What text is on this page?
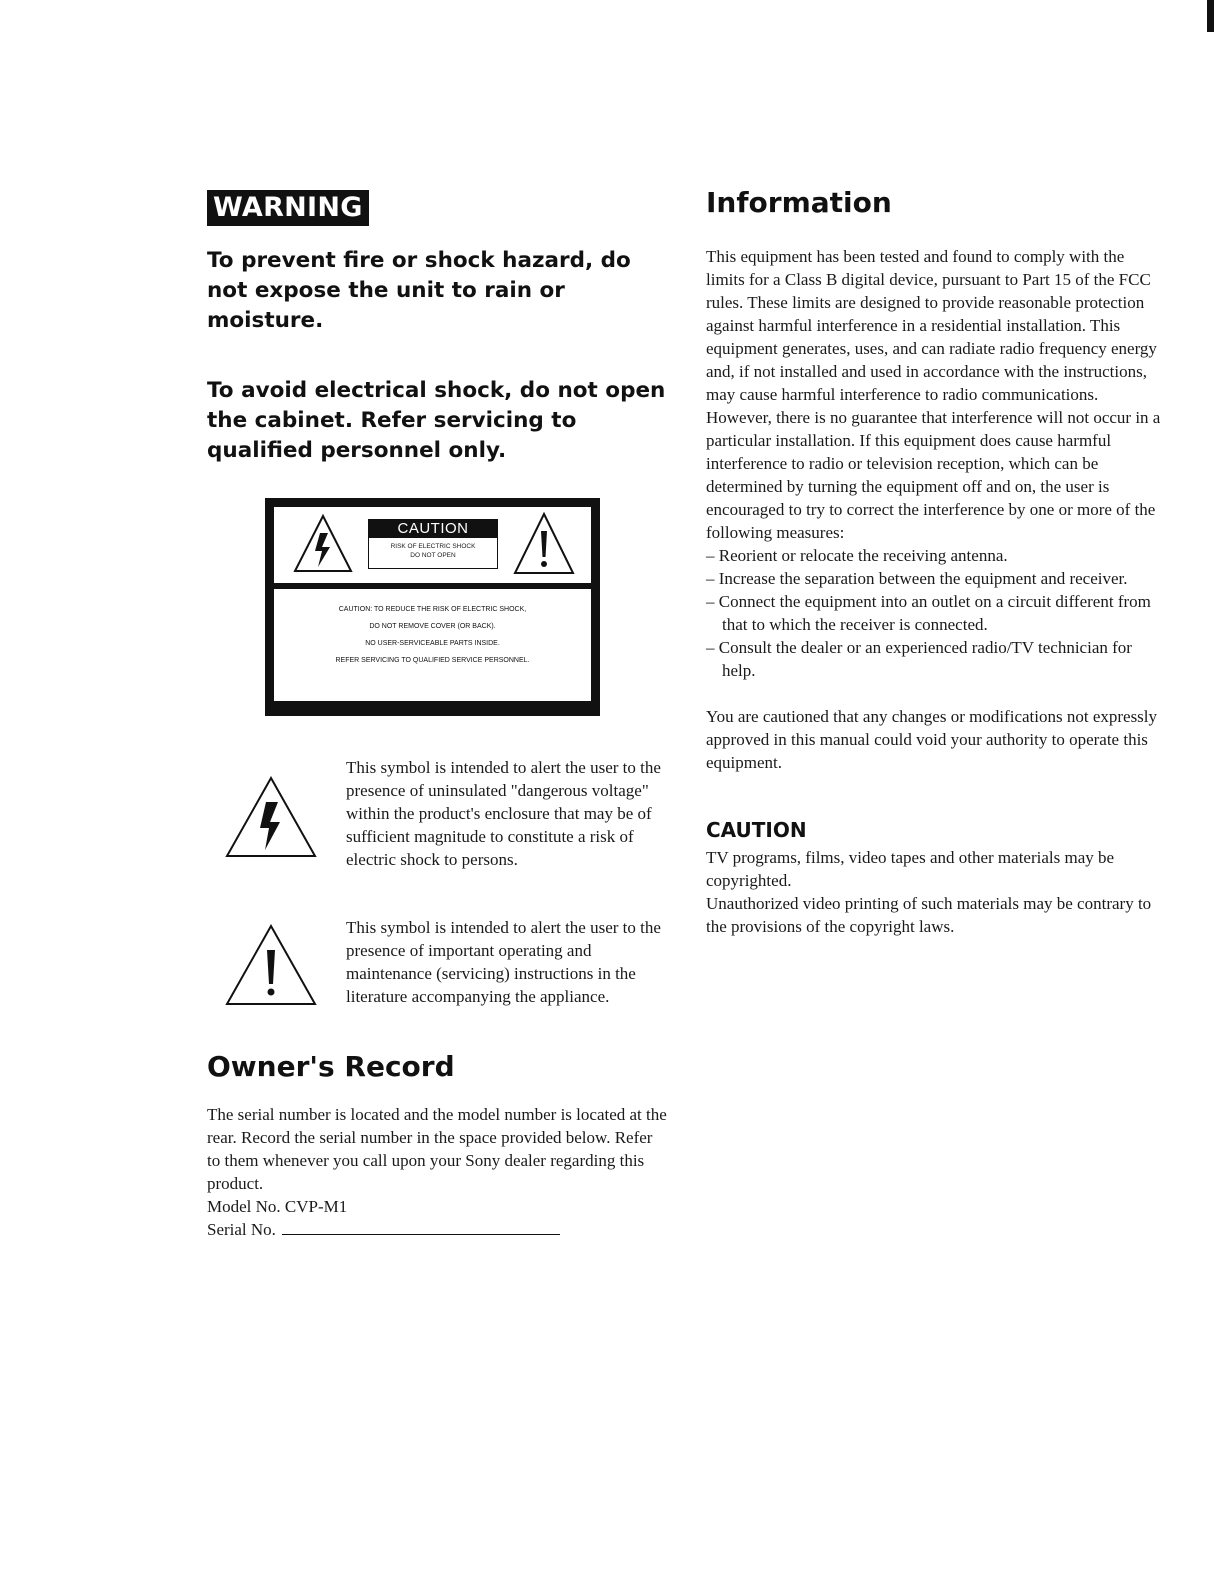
WARNING

To prevent fire or shock hazard, do not expose the unit to rain or moisture.

To avoid electrical shock, do not open the cabinet. Refer servicing to qualified personnel only.

CAUTION
RISK OF ELECTRIC SHOCK
DO NOT OPEN
CAUTION: TO REDUCE THE RISK OF ELECTRIC SHOCK,
DO NOT REMOVE COVER (OR BACK).
NO USER-SERVICEABLE PARTS INSIDE.
REFER SERVICING TO QUALIFIED SERVICE PERSONNEL.
This symbol is intended to alert the user to the presence of uninsulated "dangerous voltage" within the product's enclosure that may be of sufficient magnitude to constitute a risk of electric shock to persons.
This symbol is intended to alert the user to the presence of important operating and maintenance (servicing) instructions in the literature accompanying the appliance.
Owner's Record

The serial number is located and the model number is located at the rear. Record the serial number in the space provided below. Refer to them whenever you call upon your Sony dealer regarding this product.

Model No. CVP-M1
Serial No.
Information

This equipment has been tested and found to comply with the limits for a Class B digital device, pursuant to Part 15 of the FCC rules. These limits are designed to provide reasonable protection against harmful interference in a residential installation. This equipment generates, uses, and can radiate radio frequency energy and, if not installed and used in accordance with the instructions, may cause harmful interference to radio communications.

However, there is no guarantee that interference will not occur in a particular installation. If this equipment does cause harmful interference to radio or television reception, which can be determined by turning the equipment off and on, the user is encouraged to try to correct the interference by one or more of the following measures:

– Reorient or relocate the receiving antenna.
– Increase the separation between the equipment and receiver.
– Connect the equipment into an outlet on a circuit different from that to which the receiver is connected.
– Consult the dealer or an experienced radio/TV technician for help.

You are cautioned that any changes or modifications not expressly approved in this manual could void your authority to operate this equipment.

CAUTION

TV programs, films, video tapes and other materials may be copyrighted.

Unauthorized video printing of such materials may be contrary to the provisions of the copyright laws.
